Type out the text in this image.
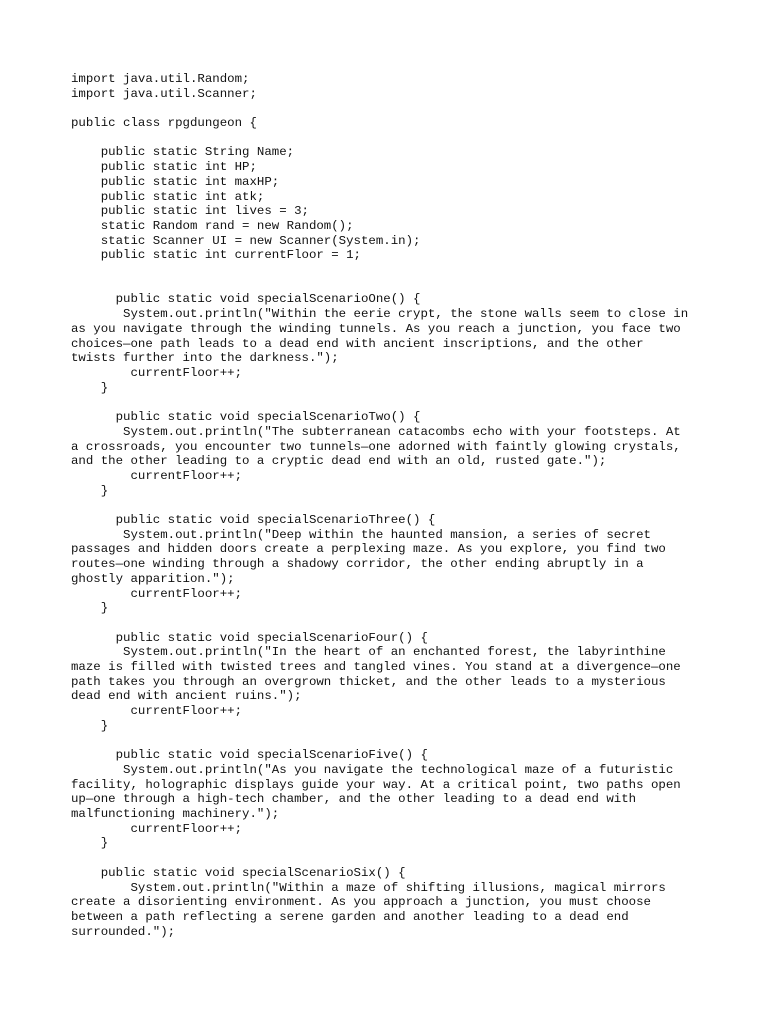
import java.util.Random;
import java.util.Scanner;
public class rpgdungeon {
public static String Name;
public static int HP;
public static int maxHP;
public static int atk;
public static int lives = 3;
static Random rand = new Random();
static Scanner UI = new Scanner(System.in);
public static int currentFloor = 1;
public static void specialScenarioOne() {
System.out.println("Within the eerie crypt, the stone walls seem to close in
as you navigate through the winding tunnels. As you reach a junction, you face two
choices—one path leads to a dead end with ancient inscriptions, and the other
twists further into the darkness.");
currentFloor++;
}
public static void specialScenarioTwo() {
System.out.println("The subterranean catacombs echo with your footsteps. At
a crossroads, you encounter two tunnels—one adorned with faintly glowing crystals,
and the other leading to a cryptic dead end with an old, rusted gate.");
currentFloor++;
}
public static void specialScenarioThree() {
System.out.println("Deep within the haunted mansion, a series of secret
passages and hidden doors create a perplexing maze. As you explore, you find two
routes—one winding through a shadowy corridor, the other ending abruptly in a
ghostly apparition.");
currentFloor++;
}
public static void specialScenarioFour() {
System.out.println("In the heart of an enchanted forest, the labyrinthine
maze is filled with twisted trees and tangled vines. You stand at a divergence—one
path takes you through an overgrown thicket, and the other leads to a mysterious
dead end with ancient ruins.");
currentFloor++;
}
public static void specialScenarioFive() {
System.out.println("As you navigate the technological maze of a futuristic
facility, holographic displays guide your way. At a critical point, two paths open
up—one through a high-tech chamber, and the other leading to a dead end with
malfunctioning machinery.");
currentFloor++;
}
public static void specialScenarioSix() {
System.out.println("Within a maze of shifting illusions, magical mirrors
create a disorienting environment. As you approach a junction, you must choose
between a path reflecting a serene garden and another leading to a dead end
surrounded.");
